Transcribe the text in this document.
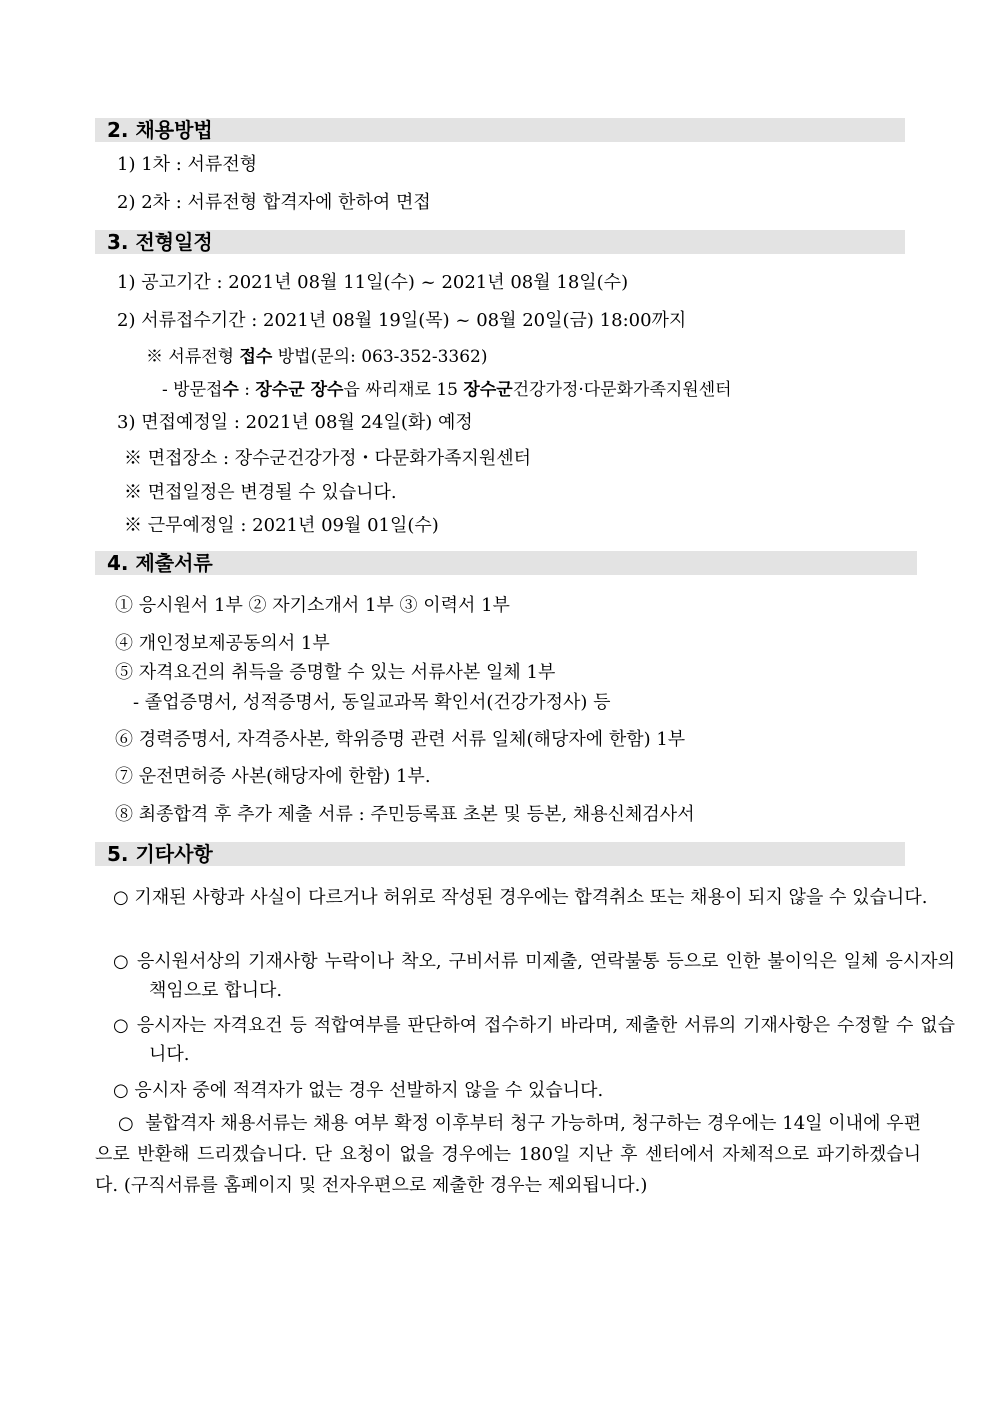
2. 채용방법
1) 1차 : 서류전형
2) 2차 : 서류전형 합격자에 한하여 면접
3. 전형일정
1) 공고기간 : 2021년 08월 11일(수) ~ 2021년 08월 18일(수)
2) 서류접수기간 : 2021년 08월 19일(목) ~ 08월 20일(금) 18:00까지
※ 서류전형 접수 방법(문의: 063-352-3362)
- 방문접수 : 장수군 장수읍 싸리재로 15 장수군건강가정·다문화가족지원센터
3) 면접예정일 : 2021년 08월 24일(화) 예정
※ 면접장소 : 장수군건강가정・다문화가족지원센터
※ 면접일정은 변경될 수 있습니다.
※ 근무예정일 : 2021년 09월 01일(수)
4. 제출서류
① 응시원서 1부 ② 자기소개서 1부 ③ 이력서 1부
④ 개인정보제공동의서 1부
⑤ 자격요건의 취득을 증명할 수 있는 서류사본 일체 1부
- 졸업증명서, 성적증명서, 동일교과목 확인서(건강가정사) 등
⑥ 경력증명서, 자격증사본, 학위증명 관련 서류 일체(해당자에 한함) 1부
⑦ 운전면허증 사본(해당자에 한함) 1부.
⑧ 최종합격 후 추가 제출 서류 : 주민등록표 초본 및 등본, 채용신체검사서
5. 기타사항
○ 기재된 사항과 사실이 다르거나 허위로 작성된 경우에는 합격취소 또는 채용이 되지 않을 수 있습니다.
○ 응시원서상의 기재사항 누락이나 착오, 구비서류 미제출, 연락불통 등으로 인한 불이익은 일체 응시자의 책임으로 합니다.
○ 응시자는 자격요건 등 적합여부를 판단하여 접수하기 바라며, 제출한 서류의 기재사항은 수정할 수 없습니다.
○ 응시자 중에 적격자가 없는 경우 선발하지 않을 수 있습니다.
○  불합격자 채용서류는 채용 여부 확정 이후부터 청구 가능하며, 청구하는 경우에는 14일 이내에 우편으로 반환해 드리겠습니다. 단 요청이 없을 경우에는 180일 지난 후 센터에서 자체적으로 파기하겠습니다. (구직서류를 홈페이지 및 전자우편으로 제출한 경우는 제외됩니다.)
